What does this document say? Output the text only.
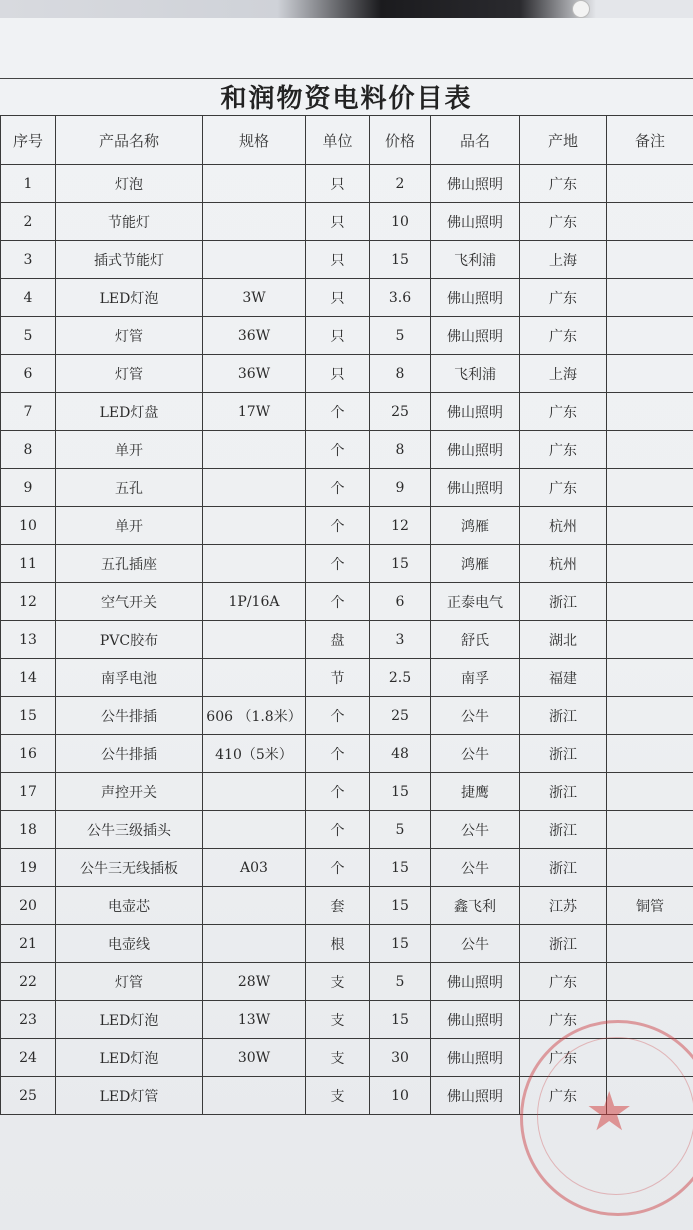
和润物资电料价目表
序号	产品名称	规格	单位	价格	品名	产地	备注
1	灯泡		只	2	佛山照明	广东	
2	节能灯		只	10	佛山照明	广东	
3	插式节能灯		只	15	飞利浦	上海	
4	LED灯泡	3W	只	3.6	佛山照明	广东	
5	灯管	36W	只	5	佛山照明	广东	
6	灯管	36W	只	8	飞利浦	上海	
7	LED灯盘	17W	个	25	佛山照明	广东	
8	单开		个	8	佛山照明	广东	
9	五孔		个	9	佛山照明	广东	
10	单开		个	12	鸿雁	杭州	
11	五孔插座		个	15	鸿雁	杭州	
12	空气开关	1P/16A	个	6	正泰电气	浙江	
13	PVC胶布		盘	3	舒氏	湖北	
14	南孚电池		节	2.5	南孚	福建	
15	公牛排插	606 （1.8米）	个	25	公牛	浙江	
16	公牛排插	410（5米）	个	48	公牛	浙江	
17	声控开关		个	15	捷鹰	浙江	
18	公牛三级插头		个	5	公牛	浙江	
19	公牛三无线插板	A03	个	15	公牛	浙江	
20	电壶芯		套	15	鑫飞利	江苏	铜管
21	电壶线		根	15	公牛	浙江	
22	灯管	28W	支	5	佛山照明	广东	
23	LED灯泡	13W	支	15	佛山照明	广东	
24	LED灯泡	30W	支	30	佛山照明	广东	
25	LED灯管		支	10	佛山照明	广东	★
